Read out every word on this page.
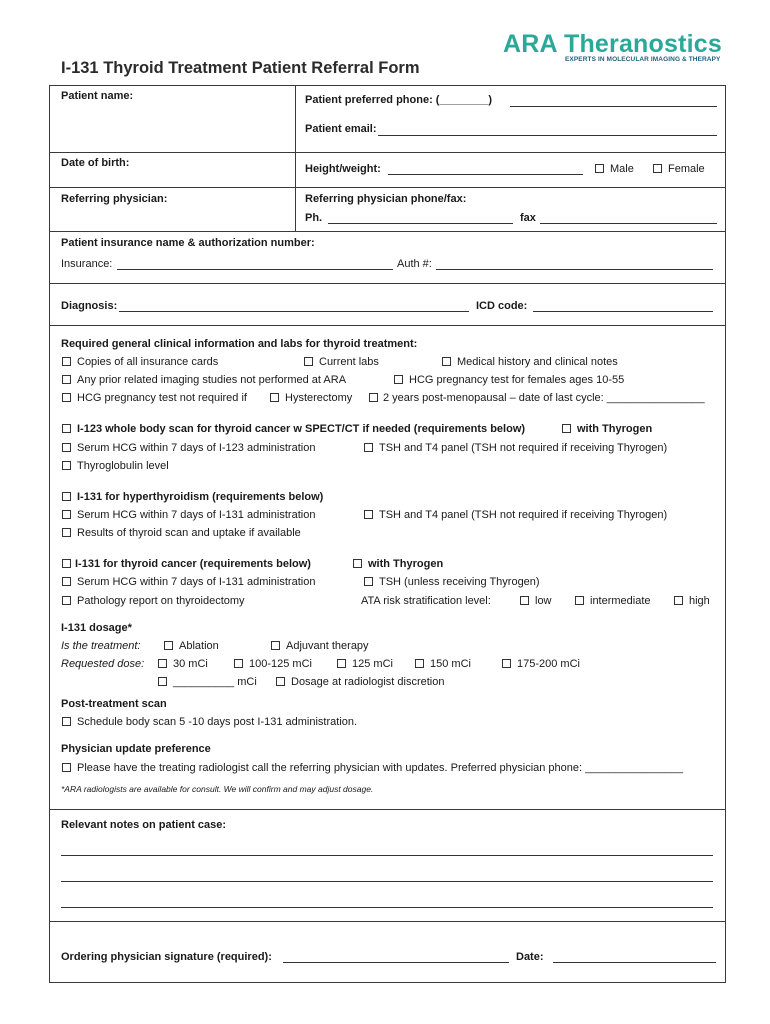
ARA Theranostics
EXPERTS IN MOLECULAR IMAGING & THERAPY
I-131 Thyroid Treatment Patient Referral Form
Patient name:	Patient preferred phone: (________)
Patient email:
Date of birth:	Height/weight:	Male	Female
Referring physician:	Referring physician phone/fax:
Ph.	fax
Patient insurance name & authorization number:
Insurance:	Auth #:
Diagnosis:	ICD code:
Required general clinical information and labs for thyroid treatment:
Copies of all insurance cards	Current labs	Medical history and clinical notes
Any prior related imaging studies not performed at ARA	HCG pregnancy test for females ages 10-55
HCG pregnancy test not required if	Hysterectomy	2 years post-menopausal – date of last cycle: ________________
I-123 whole body scan for thyroid cancer w SPECT/CT if needed (requirements below)	with Thyrogen
Serum HCG within 7 days of I-123 administration	TSH and T4 panel (TSH not required if receiving Thyrogen)
Thyroglobulin level
I-131 for hyperthyroidism (requirements below)
Serum HCG within 7 days of I-131 administration	TSH and T4 panel (TSH not required if receiving Thyrogen)
Results of thyroid scan and uptake if available
I-131 for thyroid cancer (requirements below)	with Thyrogen
Serum HCG within 7 days of I-131 administration	TSH (unless receiving Thyrogen)
Pathology report on thyroidectomy	ATA risk stratification level:	low	intermediate	high
I-131 dosage*
Is the treatment:	Ablation	Adjuvant therapy
Requested dose:	30 mCi	100-125 mCi	125 mCi	150 mCi	175-200 mCi
__________ mCi	Dosage at radiologist discretion
Post-treatment scan
Schedule body scan 5 -10 days post I-131 administration.
Physician update preference
Please have the treating radiologist call the referring physician with updates. Preferred physician phone: ________________
*ARA radiologists are available for consult. We will confirm and may adjust dosage.
Relevant notes on patient case:
Ordering physician signature (required):	Date:
